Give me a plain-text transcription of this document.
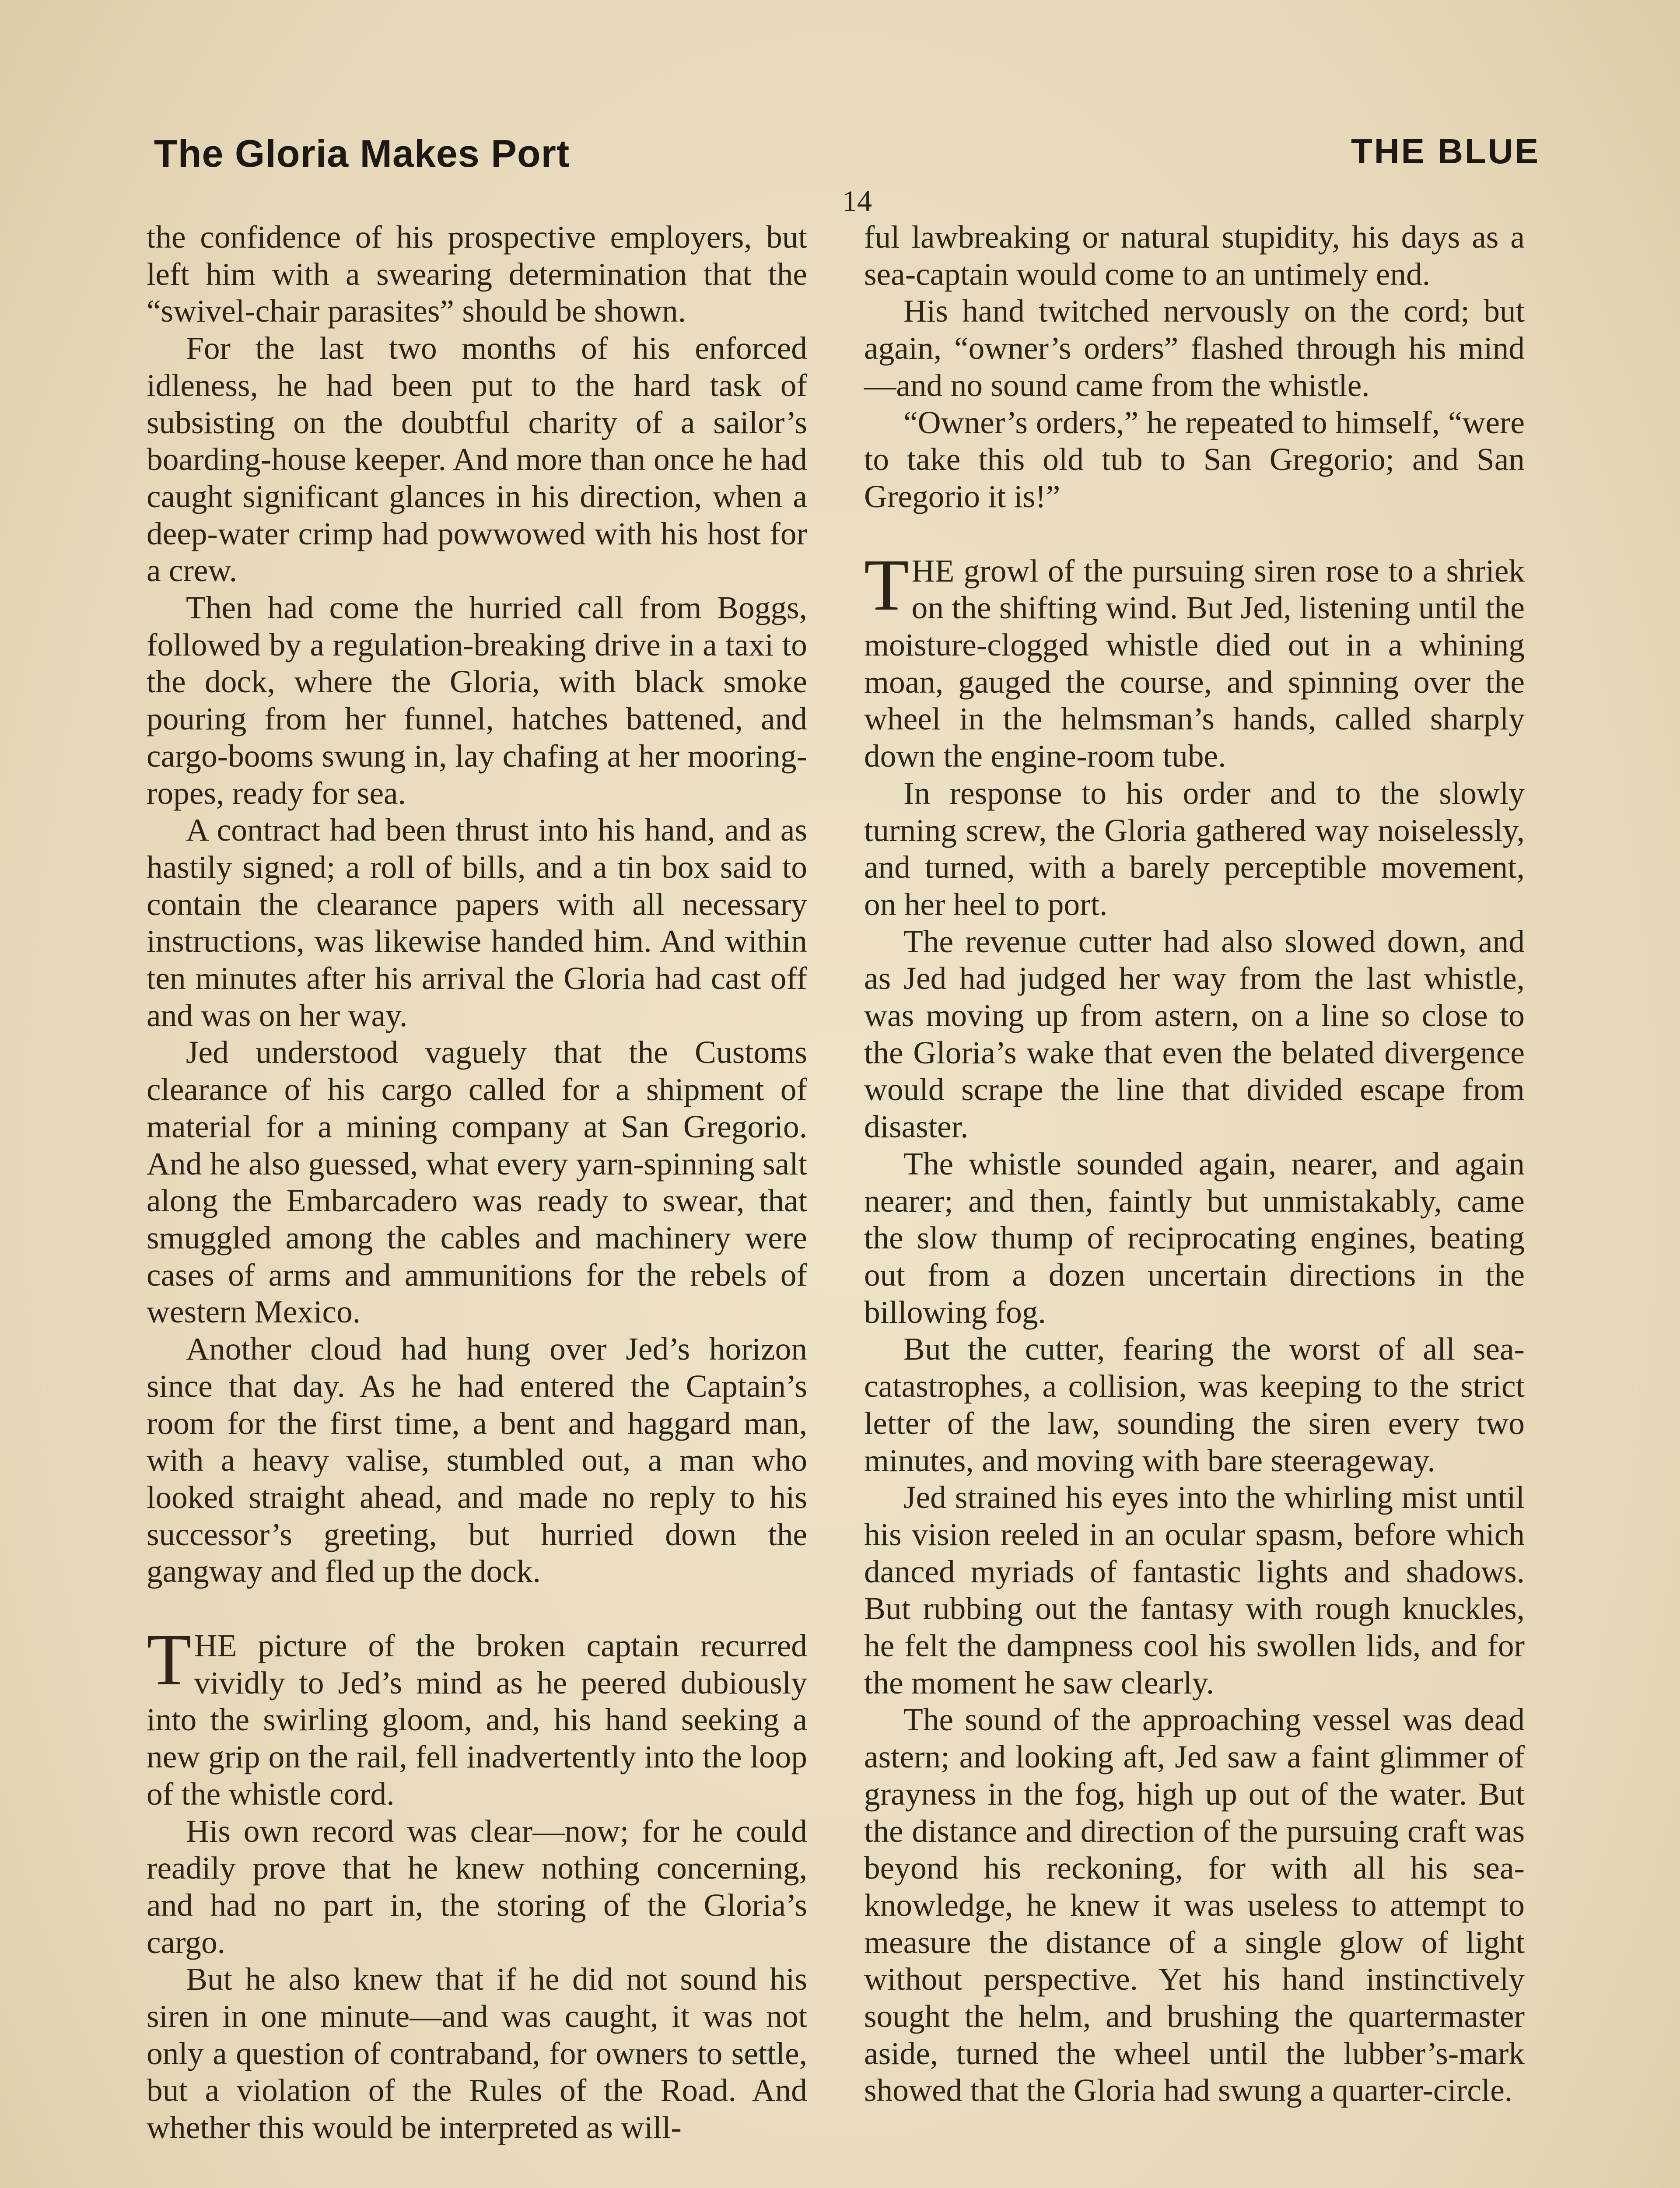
The Gloria Makes Port	THE BLUE
14

the confidence of his prospective employers, but left him with a swearing determination that the “swivel-chair parasites” should be shown.

For the last two months of his enforced idleness, he had been put to the hard task of subsisting on the doubtful charity of a sailor’s boarding-house keeper. And more than once he had caught significant glances in his direction, when a deep-water crimp had powwowed with his host for a crew.

Then had come the hurried call from Boggs, followed by a regulation-breaking drive in a taxi to the dock, where the Gloria, with black smoke pouring from her funnel, hatches battened, and cargo-booms swung in, lay chafing at her mooring-ropes, ready for sea.

A contract had been thrust into his hand, and as hastily signed; a roll of bills, and a tin box said to contain the clearance papers with all necessary instructions, was likewise handed him. And within ten minutes after his arrival the Gloria had cast off and was on her way.

Jed understood vaguely that the Customs clearance of his cargo called for a shipment of material for a mining company at San Gregorio. And he also guessed, what every yarn-spinning salt along the Embarcadero was ready to swear, that smuggled among the cables and machinery were cases of arms and ammunitions for the rebels of western Mexico.

Another cloud had hung over Jed’s horizon since that day. As he had entered the Captain’s room for the first time, a bent and haggard man, with a heavy valise, stumbled out, a man who looked straight ahead, and made no reply to his successor’s greeting, but hurried down the gangway and fled up the dock.

THE picture of the broken captain recurred vividly to Jed’s mind as he peered dubiously into the swirling gloom, and, his hand seeking a new grip on the rail, fell inadvertently into the loop of the whistle cord.

His own record was clear—now; for he could readily prove that he knew nothing concerning, and had no part in, the storing of the Gloria’s cargo.

But he also knew that if he did not sound his siren in one minute—and was caught, it was not only a question of contraband, for owners to settle, but a violation of the Rules of the Road. And whether this would be interpreted as will-

ful lawbreaking or natural stupidity, his days as a sea-captain would come to an untimely end.

His hand twitched nervously on the cord; but again, “owner’s orders” flashed through his mind—and no sound came from the whistle.

“Owner’s orders,” he repeated to himself, “were to take this old tub to San Gregorio; and San Gregorio it is!”

THE growl of the pursuing siren rose to a shriek on the shifting wind. But Jed, listening until the moisture-clogged whistle died out in a whining moan, gauged the course, and spinning over the wheel in the helmsman’s hands, called sharply down the engine-room tube.

In response to his order and to the slowly turning screw, the Gloria gathered way noiselessly, and turned, with a barely perceptible movement, on her heel to port.

The revenue cutter had also slowed down, and as Jed had judged her way from the last whistle, was moving up from astern, on a line so close to the Gloria’s wake that even the belated divergence would scrape the line that divided escape from disaster.

The whistle sounded again, nearer, and again nearer; and then, faintly but unmistakably, came the slow thump of reciprocating engines, beating out from a dozen uncertain directions in the billowing fog.

But the cutter, fearing the worst of all sea-catastrophes, a collision, was keeping to the strict letter of the law, sounding the siren every two minutes, and moving with bare steerageway.

Jed strained his eyes into the whirling mist until his vision reeled in an ocular spasm, before which danced myriads of fantastic lights and shadows. But rubbing out the fantasy with rough knuckles, he felt the dampness cool his swollen lids, and for the moment he saw clearly.

The sound of the approaching vessel was dead astern; and looking aft, Jed saw a faint glimmer of grayness in the fog, high up out of the water. But the distance and direction of the pursuing craft was beyond his reckoning, for with all his sea-knowledge, he knew it was useless to attempt to measure the distance of a single glow of light without perspective. Yet his hand instinctively sought the helm, and brushing the quartermaster aside, turned the wheel until the lubber’s-mark showed that the Gloria had swung a quarter-circle.
